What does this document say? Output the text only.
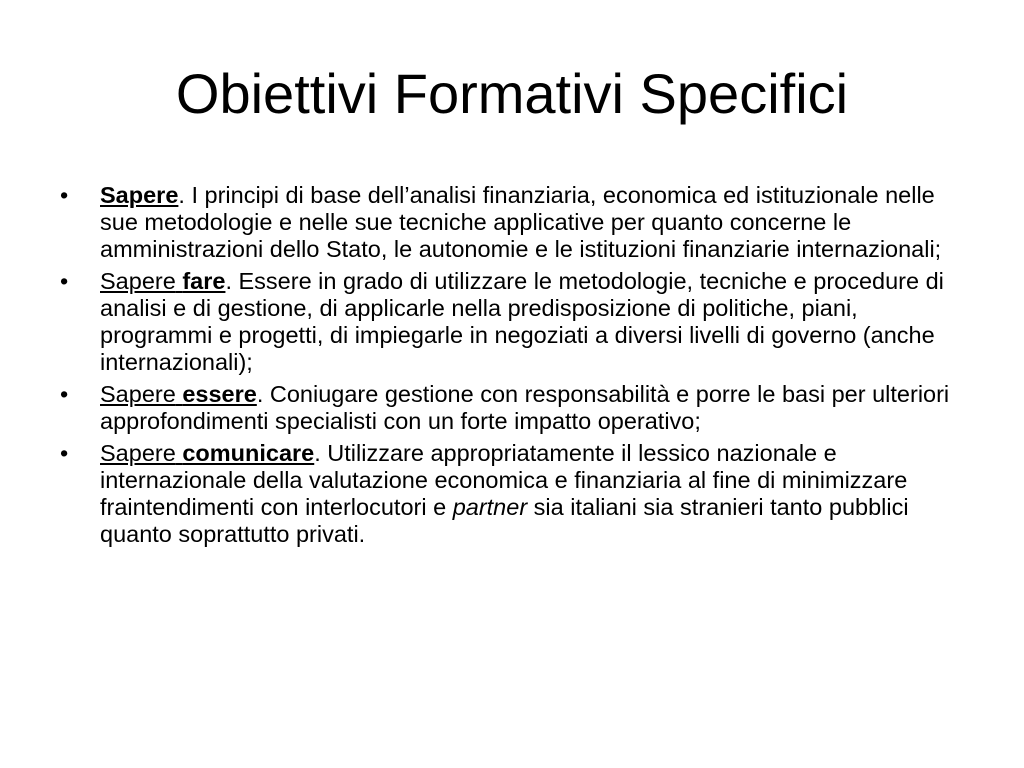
Obiettivi Formativi Specifici
•	Sapere. I principi di base dell’analisi finanziaria, economica ed istituzionale nelle sue metodologie e nelle sue tecniche applicative per quanto concerne le amministrazioni dello Stato, le autonomie e le istituzioni finanziarie internazionali;
•	Sapere fare. Essere in grado di utilizzare le metodologie, tecniche e procedure di analisi e di gestione, di applicarle nella predisposizione di politiche, piani, programmi e progetti, di impiegarle in negoziati a diversi livelli di governo (anche internazionali);
•	Sapere essere. Coniugare gestione con responsabilità e porre le basi per ulteriori approfondimenti specialisti con un forte impatto operativo;
•	Sapere comunicare. Utilizzare appropriatamente il lessico nazionale e internazionale della valutazione economica e finanziaria al fine di minimizzare fraintendimenti con interlocutori e partner sia italiani sia stranieri tanto pubblici quanto soprattutto privati.
